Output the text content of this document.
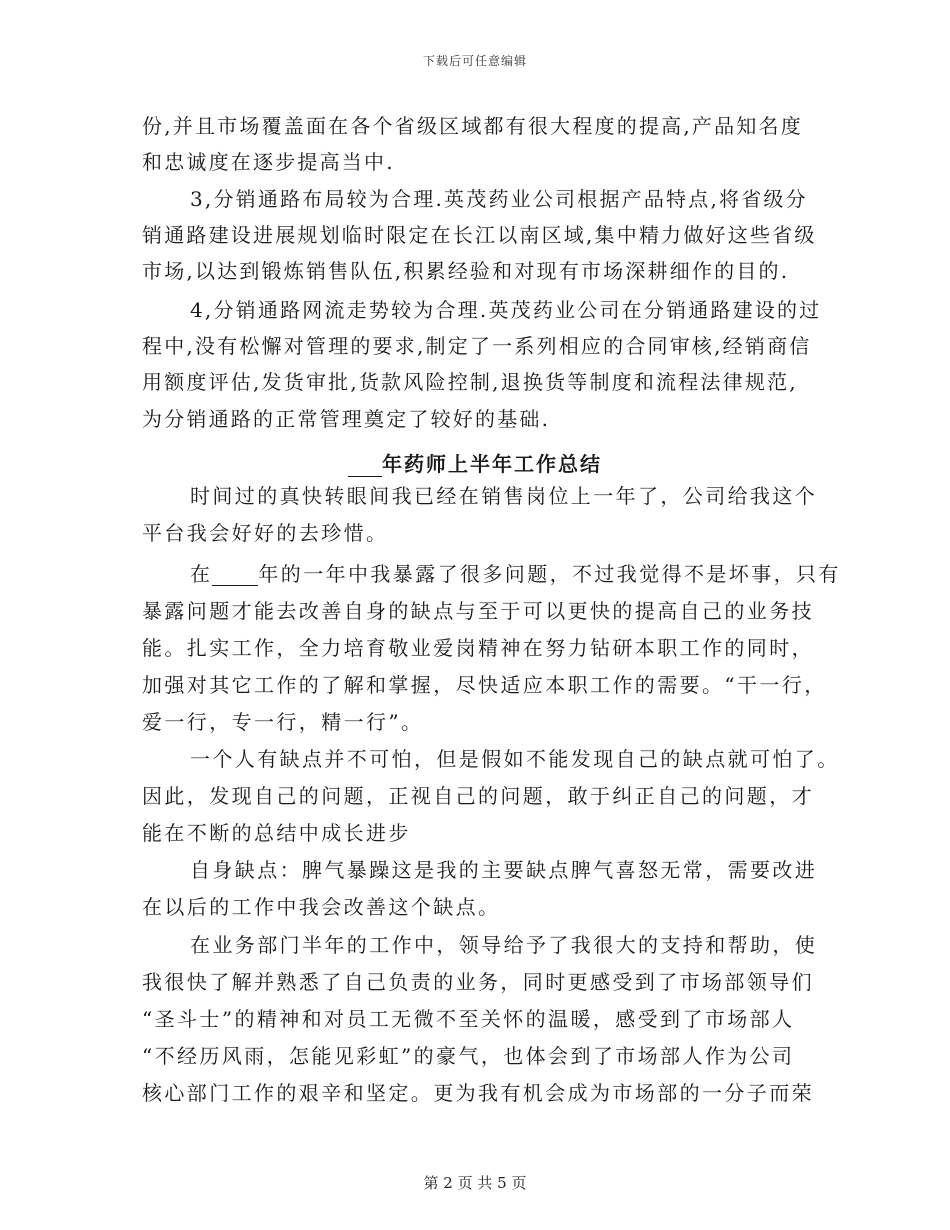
下载后可任意编辑
份,并且市场覆盖面在各个省级区域都有很大程度的提高,产品知名度
和忠诚度在逐步提高当中.
3,分销通路布局较为合理.英茂药业公司根据产品特点,将省级分
销通路建设进展规划临时限定在长江以南区域,集中精力做好这些省级
市场,以达到锻炼销售队伍,积累经验和对现有市场深耕细作的目的.
4,分销通路网流走势较为合理.英茂药业公司在分销通路建设的过
程中,没有松懈对管理的要求,制定了一系列相应的合同审核,经销商信
用额度评估,发货审批,货款风险控制,退换货等制度和流程法律规范,
为分销通路的正常管理奠定了较好的基础.
年药师上半年工作总结
时间过的真快转眼间我已经在销售岗位上一年了，公司给我这个
平台我会好好的去珍惜。
在 年的一年中我暴露了很多问题，不过我觉得不是坏事，只有
暴露问题才能去改善自身的缺点与至于可以更快的提高自己的业务技
能。扎实工作，全力培育敬业爱岗精神在努力钻研本职工作的同时，
加强对其它工作的了解和掌握，尽快适应本职工作的需要。“干一行，
爱一行，专一行，精一行”。
一个人有缺点并不可怕，但是假如不能发现自己的缺点就可怕了。
因此，发现自己的问题，正视自己的问题，敢于纠正自己的问题，才
能在不断的总结中成长进步
自身缺点：脾气暴躁这是我的主要缺点脾气喜怒无常，需要改进
在以后的工作中我会改善这个缺点。
在业务部门半年的工作中，领导给予了我很大的支持和帮助，使
我很快了解并熟悉了自己负责的业务，同时更感受到了市场部领导们
“圣斗士”的精神和对员工无微不至关怀的温暖，感受到了市场部人
“不经历风雨，怎能见彩虹”的豪气，也体会到了市场部人作为公司
核心部门工作的艰辛和坚定。更为我有机会成为市场部的一分子而荣
第 2 页 共 5 页
